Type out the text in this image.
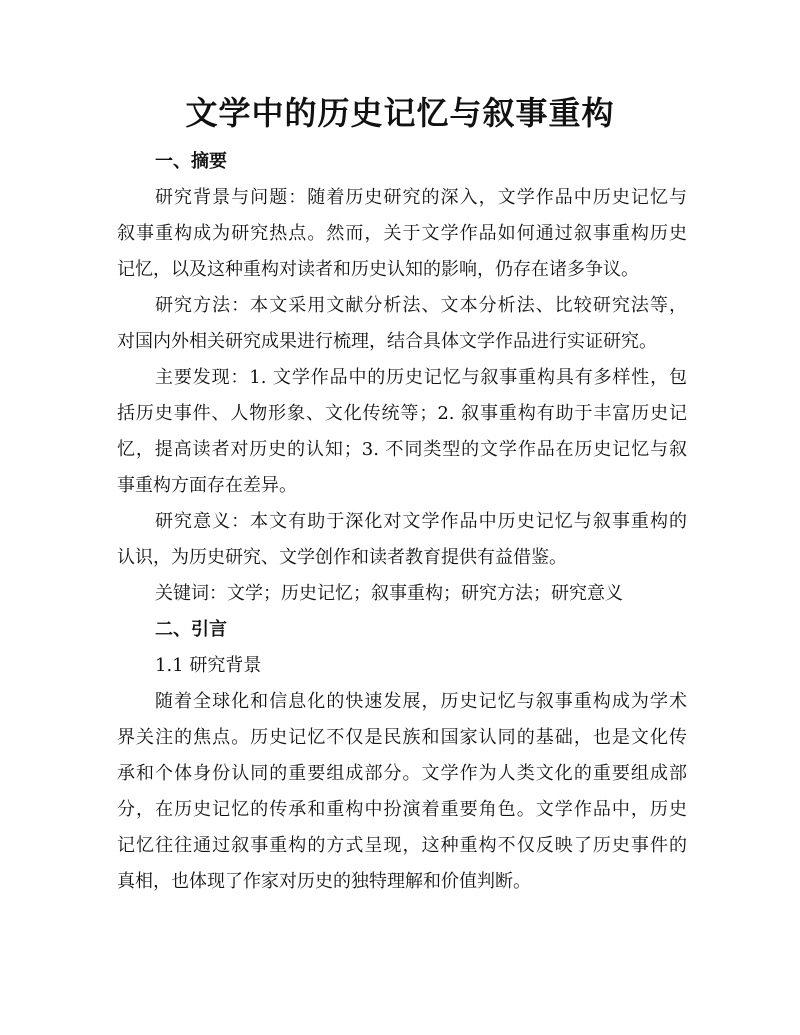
文学中的历史记忆与叙事重构
一、摘要
研究背景与问题：随着历史研究的深入，文学作品中历史记忆与
叙事重构成为研究热点。然而，关于文学作品如何通过叙事重构历史
记忆，以及这种重构对读者和历史认知的影响，仍存在诸多争议。
研究方法：本文采用文献分析法、文本分析法、比较研究法等，
对国内外相关研究成果进行梳理，结合具体文学作品进行实证研究。
主要发现：1. 文学作品中的历史记忆与叙事重构具有多样性，包
括历史事件、人物形象、文化传统等；2. 叙事重构有助于丰富历史记
忆，提高读者对历史的认知；3. 不同类型的文学作品在历史记忆与叙
事重构方面存在差异。
研究意义：本文有助于深化对文学作品中历史记忆与叙事重构的
认识，为历史研究、文学创作和读者教育提供有益借鉴。
关键词：文学；历史记忆；叙事重构；研究方法；研究意义
二、引言
1.1 研究背景
随着全球化和信息化的快速发展，历史记忆与叙事重构成为学术
界关注的焦点。历史记忆不仅是民族和国家认同的基础，也是文化传
承和个体身份认同的重要组成部分。文学作为人类文化的重要组成部
分，在历史记忆的传承和重构中扮演着重要角色。文学作品中，历史
记忆往往通过叙事重构的方式呈现，这种重构不仅反映了历史事件的
真相，也体现了作家对历史的独特理解和价值判断。
